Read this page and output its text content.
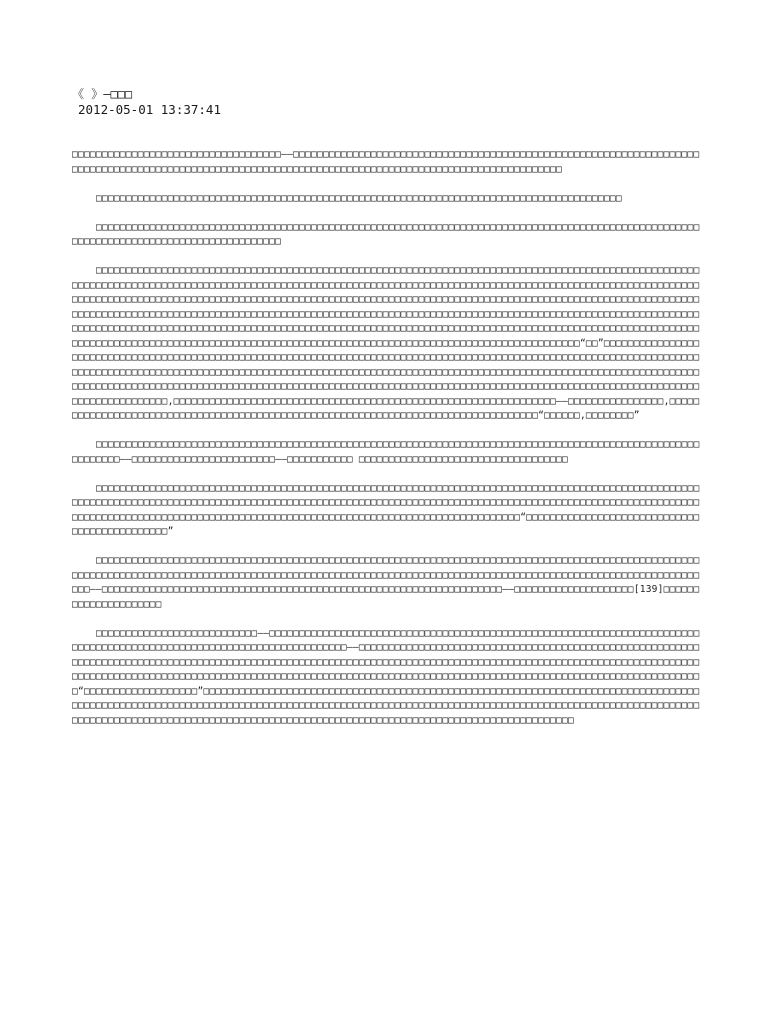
《 》—□□□
2012-05-01 13:37:41

□□□□□□□□□□□□□□□□□□□□□□□□□□□□□□□□□□□——□□□□□□□□□□□□□□□□□□□□□□□□□□□□□□□□□□□□□□□□□□□□□□□□□□□□□□□□□□□□□□□□□□□□□□□□□□□□□□□□□□□□□□□□□□□□□□□□□□□□□□□□□□□□□□□□□□□□□□□□□□□□□□□□□□□□□□□□□□□□□□□□□□□□□□

□□□□□□□□□□□□□□□□□□□□□□□□□□□□□□□□□□□□□□□□□□□□□□□□□□□□□□□□□□□□□□□□□□□□□□□□□□□□□□□□□□□□□□□□

□□□□□□□□□□□□□□□□□□□□□□□□□□□□□□□□□□□□□□□□□□□□□□□□□□□□□□□□□□□□□□□□□□□□□□□□□□□□□□□□□□□□□□□□□□□□□□□□□□□□□□□□□□□□□□□□□□□□□□□□□□□□□□□□□□□□□□□□

□□□□□□□□□□□□□□□□□□□□□□□□□□□□□□□□□□□□□□□□□□□□□□□□□□□□□□□□□□□□□□□□□□□□□□□□□□□□□□□□□□□□□□□□□□□□□□□□□□□□□□□□□□□□□□□□□□□□□□□□□□□□□□□□□□□□□□□□□□□□□□□□□□□□□□□□□□□□□□□□□□□□□□□□□□□□□□□□□□□□□□□□□□□□□□□□□□□□□□□□□□□□□□□□□□□□□□□□□□□□□□□□□□□□□□□□□□□□□□□□□□□□□□□□□□□□□□□□□□□□□□□□□□□□□□□□□□□□□□□□□□□□□□□□□□□□□□□□□□□□□□□□□□□□□□□□□□□□□□□□□□□□□□□□□□□□□□□□□□□□□□□□□□□□□□□□□□□□□□□□□□□□□□□□□□□□□□□□□□□□□□□□□□□□□□□□□□□□□□□□□□□□□□□□□□□□□□□□□□□□□□□□□□□□□□□□□□□□□□□□□□□□□□□□□□□□□□□□□□□□□□□□□□□□□□□□□□□□□□□□□□□□□□□□□□□□□□□□□□□□□□□□□□□□□□□□□□□□□□□□□□□□□□□□□□□□□□□□□□□□□□□□□□□□□□□□□□□□□□□□□□□□□□□□□□□□□□□□□□□□□□□□□□□□□□□□□□□□□□□□□□□□□□“□□”□□□□□□□□□□□□□□□□□□□□□□□□□□□□□□□□□□□□□□□□□□□□□□□□□□□□□□□□□□□□□□□□□□□□□□□□□□□□□□□□□□□□□□□□□□□□□□□□□□□□□□□□□□□□□□□□□□□□□□□□□□□□□□□□□□□□□□□□□□□□□□□□□□□□□□□□□□□□□□□□□□□□□□□□□□□□□□□□□□□□□□□□□□□□□□□□□□□□□□□□□□□□□□□□□□□□□□□□□□□□□□□□□□□□□□□□□□□□□□□□□□□□□□□□□□□□□□□□□□□□□□□□□□□□□□□□□□□□□□□□□□□□□□□□□□□□□□□□□□□□□□□□□□□□□□□□□□□□□□□□□□□□□□□□□□□□□□□□□□□□□□□□□□□,□□□□□□□□□□□□□□□□□□□□□□□□□□□□□□□□□□□□□□□□□□□□□□□□□□□□□□□□□□□□□□□□——□□□□□□□□□□□□□□□□,□□□□□□□□□□□□□□□□□□□□□□□□□□□□□□□□□□□□□□□□□□□□□□□□□□□□□□□□□□□□□□□□□□□□□□□□□□□□□□□□□□□“□□□□□□,□□□□□□□□”

□□□□□□□□□□□□□□□□□□□□□□□□□□□□□□□□□□□□□□□□□□□□□□□□□□□□□□□□□□□□□□□□□□□□□□□□□□□□□□□□□□□□□□□□□□□□□□□□□□□□□□□□□□□□□——□□□□□□□□□□□□□□□□□□□□□□□□——□□□□□□□□□□□ □□□□□□□□□□□□□□□□□□□□□□□□□□□□□□□□□□□

□□□□□□□□□□□□□□□□□□□□□□□□□□□□□□□□□□□□□□□□□□□□□□□□□□□□□□□□□□□□□□□□□□□□□□□□□□□□□□□□□□□□□□□□□□□□□□□□□□□□□□□□□□□□□□□□□□□□□□□□□□□□□□□□□□□□□□□□□□□□□□□□□□□□□□□□□□□□□□□□□□□□□□□□□□□□□□□□□□□□□□□□□□□□□□□□□□□□□□□□□□□□□□□□□□□□□□□□□□□□□□□□□□□□□□□□□□□□□□□□□□□□□□□□□□□□□□□□□□□□□□□□□□□□□□□□□□□□□□□□□“□□□□□□□□□□□□□□□□□□□□□□□□□□□□□□□□□□□□□□□□□□□□□”

□□□□□□□□□□□□□□□□□□□□□□□□□□□□□□□□□□□□□□□□□□□□□□□□□□□□□□□□□□□□□□□□□□□□□□□□□□□□□□□□□□□□□□□□□□□□□□□□□□□□□□□□□□□□□□□□□□□□□□□□□□□□□□□□□□□□□□□□□□□□□□□□□□□□□□□□□□□□□□□□□□□□□□□□□□□□□□□□□□□□□□□□□□□□□□□□□□□□□□□□□□□□□□□□□——□□□□□□□□□□□□□□□□□□□□□□□□□□□□□□□□□□□□□□□□□□□□□□□□□□□□□□□□□□□□□□□□□□□——□□□□□□□□□□□□□□□□□□□□[139]□□□□□□□□□□□□□□□□□□□□□

□□□□□□□□□□□□□□□□□□□□□□□□□□□——□□□□□□□□□□□□□□□□□□□□□□□□□□□□□□□□□□□□□□□□□□□□□□□□□□□□□□□□□□□□□□□□□□□□□□□□□□□□□□□□□□□□□□□□□□□□□□□□□□□□□□□□□□□□□□□□□□□□□□——□□□□□□□□□□□□□□□□□□□□□□□□□□□□□□□□□□□□□□□□□□□□□□□□□□□□□□□□□□□□□□□□□□□□□□□□□□□□□□□□□□□□□□□□□□□□□□□□□□□□□□□□□□□□□□□□□□□□□□□□□□□□□□□□□□□□□□□□□□□□□□□□□□□□□□□□□□□□□□□□□□□□□□□□□□□□□□□□□□□□□□□□□□□□□□□□□□□□□□□□□□□□□□□□□□□□□□□□□□□□□□□□□□□□□□□□□□□□□□□□□□□□□□□□□□□□□□□□□□□□□□□□□□□□“□□□□□□□□□□□□□□□□□□□”□□□□□□□□□□□□□□□□□□□□□□□□□□□□□□□□□□□□□□□□□□□□□□□□□□□□□□□□□□□□□□□□□□□□□□□□□□□□□□□□□□□□□□□□□□□□□□□□□□□□□□□□□□□□□□□□□□□□□□□□□□□□□□□□□□□□□□□□□□□□□□□□□□□□□□□□□□□□□□□□□□□□□□□□□□□□□□□□□□□□□□□□□□□□□□□□□□□□□□□□□□□□□□□□□□□□□□□□□□□□□□□□□□□□□□□□□□□□□□□□□□□□□□□□□□□□□□□□□□□□□□□□□□□□□□□□
